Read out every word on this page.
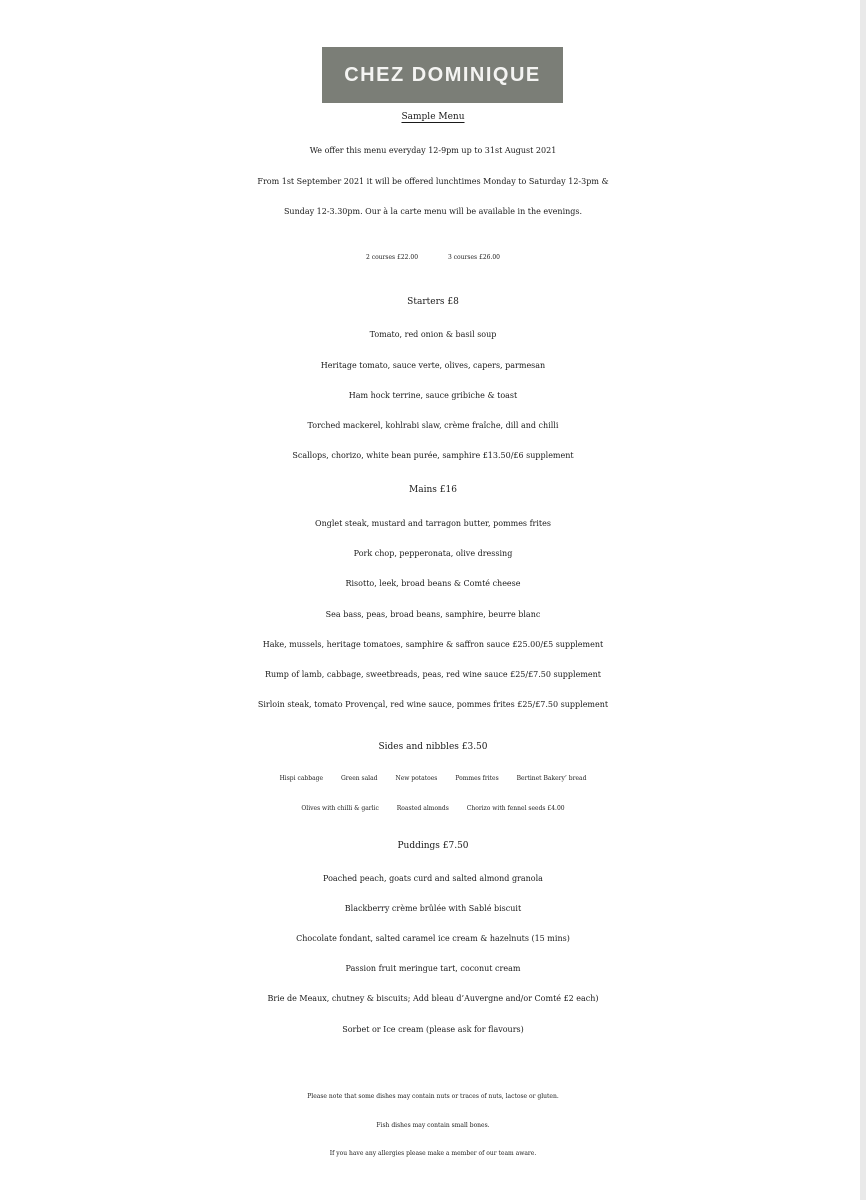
CHEZ DOMINIQUE
Sample Menu
We offer this menu everyday 12-9pm up to 31st August 2021
From 1st September 2021 it will be offered lunchtimes Monday to Saturday 12-3pm &
Sunday 12-3.30pm. Our à la carte menu will be available in the evenings.
2 courses £22.00	3 courses £26.00
Starters £8
Tomato, red onion & basil soup
Heritage tomato, sauce verte, olives, capers, parmesan
Ham hock terrine, sauce gribiche & toast
Torched mackerel, kohlrabi slaw, crème fraîche, dill and chilli
Scallops, chorizo, white bean purée, samphire £13.50/£6 supplement
Mains £16
Onglet steak, mustard and tarragon butter, pommes frites
Pork chop, pepperonata, olive dressing
Risotto, leek, broad beans & Comté cheese
Sea bass, peas, broad beans, samphire, beurre blanc
Hake, mussels, heritage tomatoes, samphire & saffron sauce £25.00/£5 supplement
Rump of lamb, cabbage, sweetbreads, peas, red wine sauce £25/£7.50 supplement
Sirloin steak, tomato Provençal, red wine sauce, pommes frites £25/£7.50 supplement
Sides and nibbles £3.50
Hispi cabbage	Green salad	New potatoes	Pommes frites	Bertinet Bakery’ bread
Olives with chilli & garlic	Roasted almonds	Chorizo with fennel seeds £4.00
Puddings £7.50
Poached peach, goats curd and salted almond granola
Blackberry crème brûlée with Sablé biscuit
Chocolate fondant, salted caramel ice cream & hazelnuts (15 mins)
Passion fruit meringue tart, coconut cream
Brie de Meaux, chutney & biscuits; Add bleau d’Auvergne and/or Comté £2 each)
Sorbet or Ice cream (please ask for flavours)
Please note that some dishes may contain nuts or traces of nuts, lactose or gluten.
Fish dishes may contain small bones.
If you have any allergies please make a member of our team aware.
